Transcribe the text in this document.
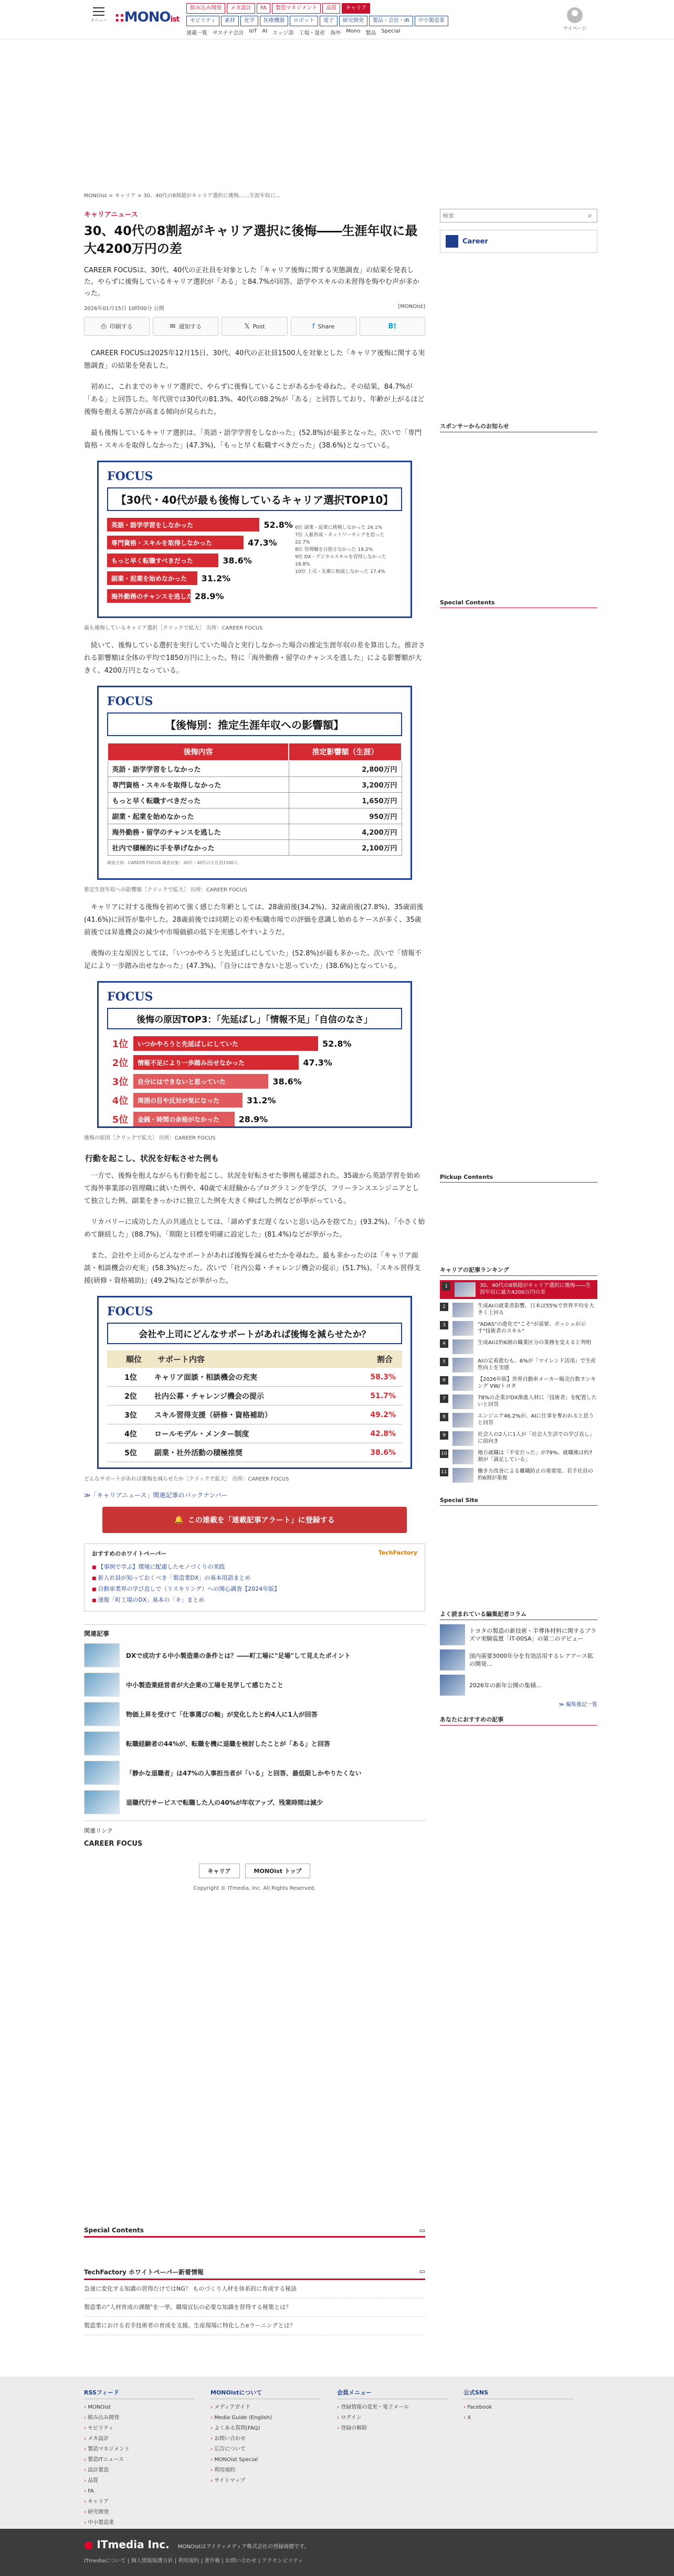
メニュー ::MONOist
組み込み開発	メカ設計	FA	製造マネジメント	品質	キャリア
モビリティ	素材	化学	医療機器	ロボット	電子	研究開発	製品・会社・IR	中小製造業
連載一覧 サステナ会計 IoT AI エッジ部 工場・量産 海外 Mono 製品 Special	マイページ
MONOist > キャリア > 30、40代の8割超がキャリア選択に後悔……生涯年収に...
キャリアニュース
30、40代の8割超がキャリア選択に後悔――生涯年収に最大4200万円の差

CAREER FOCUSは、30代、40代の正社員を対象とした「キャリア後悔に関する実態調査」の結果を発表した。やらずに後悔しているキャリア選択が「ある」と84.7%が回答。語学やスキルの未習得を悔やむ声が多かった。

2026年01月15日 10時00分 公開	[MONOist]
⎙ 印刷する	✉ 通知する	𝕏 Post	f Share	B!

CAREER FOCUSは2025年12月15日、30代、40代の正社員1500人を対象とした「キャリア後悔に関する実態調査」の結果を発表した。

初めに、これまでのキャリア選択で、やらずに後悔していることがあるかを尋ねた。その結果、84.7%が「ある」と回答した。年代別では30代の81.3%、40代の88.2%が「ある」と回答しており、年齢が上がるほど後悔を抱える割合が高まる傾向が見られた。

最も後悔しているキャリア選択は、「英語・語学学習をしなかった」(52.8%)が最多となった。次いで「専門資格・スキルを取得しなかった」(47.3%)、「もっと早く転職すべきだった」(38.6%)となっている。

FOCUS
【30代・40代が最も後悔しているキャリア選択TOP10】
英語・語学学習をしなかった	52.8%
専門資格・スキルを取得しなかった	47.3%
もっと早く転職すべきだった	38.6%
副業・起業を始めなかった	31.2%
海外勤務のチャンスを逃した 28.9%
6位 副業・起業に挑戦しなかった 24.1%
7位 人脈形成・ネットワーキングを怠った 22.7%
8位 管理職を目指さなかった 19.2%
9位 DX・デジタルスキルを習得しなかった 18.8%
10位 上司・先輩に相談しなかった 17.4%
最も後悔しているキャリア選択［クリックで拡大］ 出所：CAREER FOCUS

続いて、後悔している選択を実行していた場合と実行しなかった場合の推定生涯年収の差を算出した。推計される影響額は全体の平均で1850万円に上った。特に「海外勤務・留学のチャンスを逃した」による影響額が大きく、4200万円となっている。

FOCUS
【後悔別：推定生涯年収への影響額】
後悔内容	推定影響額（生涯）
英語・語学学習をしなかった	2,800万円
専門資格・スキルを取得しなかった	3,200万円
もっと早く転職すべきだった	1,650万円
副業・起業を始めなかった	950万円
海外勤務・留学のチャンスを逃した	4,200万円
社内で積極的に手を挙げなかった	2,100万円
調査主体：CAREER FOCUS 調査対象：30代・40代の正社員1500人
推定生涯年収への影響額［クリックで拡大］ 出所：CAREER FOCUS

キャリアに対する後悔を初めて強く感じた年齢としては、28歳前後(34.2%)、32歳前後(27.8%)、35歳前後(41.6%)に回答が集中した。28歳前後では同期との差や転職市場での評価を意識し始めるケースが多く、35歳前後では昇進機会の減少や市場価値の低下を実感しやすいようだ。

後悔の主な原因としては、「いつかやろうと先延ばしにしていた」(52.8%)が最も多かった。次いで「情報不足により一歩踏み出せなかった」(47.3%)、「自分にはできないと思っていた」(38.6%)となっている。

FOCUS
後悔の原因TOP3：「先延ばし」「情報不足」「自信のなさ」
1位	いつかやろうと先延ばしにしていた	52.8%
2位	情報不足により一歩踏み出せなかった	47.3%
3位	自分にはできないと思っていた	38.6%
4位	周囲の目や反対が気になった	31.2%
5位	金銭・時間の余裕がなかった	28.9%
後悔の原因［クリックで拡大］ 出所：CAREER FOCUS
行動を起こし、状況を好転させた例も

一方で、後悔を抱えながらも行動を起こし、状況を好転させた事例も確認された。35歳から英語学習を始めて海外事業部の管理職に就いた例や、40歳で未経験からプログラミングを学び、フリーランスエンジニアとして独立した例、副業をきっかけに独立した例を大きく伸ばした例などが挙がっている。

リカバリーに成功した人の共通点としては、「諦めずまだ遅くないと思い込みを捨てた」(93.2%)、「小さく始めて継続した」(88.7%)、「期限と目標を明確に設定した」(81.4%)などが挙がった。

また、会社や上司からどんなサポートがあれば後悔を減らせたかを尋ねた。最も多かったのは「キャリア面談・相談機会の充実」(58.3%)だった。次いで「社内公募・チャレンジ機会の提示」(51.7%)、「スキル習得支援(研修・資格補助)」(49.2%)などが挙がった。

FOCUS
会社や上司にどんなサポートがあれば後悔を減らせたか？
順位	サポート内容	割合
1位	キャリア面談・相談機会の充実	58.3%
2位	社内公募・チャレンジ機会の提示	51.7%
3位	スキル習得支援（研修・資格補助）	49.2%
4位	ロールモデル・メンター制度	42.8%
5位	副業・社外活動の積極推奨	38.6%
どんなサポートがあれば後悔を減らせたか［クリックで拡大］ 出所：CAREER FOCUS
≫「キャリアニュース」関連記事のバックナンバー
🔔 この連載を「連載記事アラート」に登録する
おすすめのホワイトペーパー	TechFactory
■ 【事例で学ぶ】環境に配慮したモノづくりの実践
■ 新入社員が知っておくべき「製造業DX」の基本用語まとめ
■ 自動車業界の学び直しで（リスキリング）への関心調査【2024年版】
■ 速報「町工場のDX」基本の「キ」まとめ
関連記事
DXで成功する中小製造業の条件とは？――町工場に"足場"して見えたポイント
中小製造業経営者が大企業の工場を見学して感じたこと
物価上昇を受けて「仕事選びの軸」が変化したと約4人に1人が回答
転職経験者の44%が、転職を機に退職を検討したことが「ある」と回答
「静かな退職者」は47%の人事担当者が「いる」と回答、最低限しかやりたくない
退職代行サービスで転職した人の40%が年収アップ、残業時間は減少
関連リンク
CAREER FOCUS
キャリア	MONOist トップ
Copyright © ITmedia, Inc. All Rights Reserved.
Special Contents	▭
TechFactory ホワイトペーパー新着情報	▭
急速に変化する知識の習得だけではNG？ ものづくり人材を体系的に育成する秘訣
製造業の"人材育成の課題"を一挙。職場宣伝の必要な知識を習得する秘策とは？
製造業における若手技術者の育成を支援。生産現場に特化したeラーニングとは？
検索
⌕
Career
スポンサーからのお知らせ
Special Contents
Pickup Contents
キャリアの記事ランキング
1	30、40代の8割超がキャリア選択に後悔――生涯年収に最大4200万円の差
2	生成AIの就業者影響、日本は55%で世界平均を大きく上回る
3	"ADAS"の進化で"こそ"が需要、ボッシュが示す"技術者のスキル"
4	生成AIは約6割の職業区分の業務を変えると判明
5	AIの定着進むも、6%が「マイレンド活用」で生産性向上を実感
6	【2026年版】世界自動車メーカー販売台数ランキング VW/トヨタ
7	78%の企業がDX推進人材に「技術者」を配置したいと回答
8	エンジニア46.2%が、AIに仕事を奪われると思うと回答
9	社会人の2人に1人が「社会人生活での学び直し」に前向き
10	地方就職は「不安だった」が79%、就職後は約7割が「満足している」
11	働き方改善による離職防止の重要度、若手社員の約6割が重視
Special Site
よく読まれている編集記者コラム
トヨタの製造の新技術・半導体材料に関するプラズマ実験装置「IT-00SA」の第二のデビュー
国内需要3000年分を有効活用するレアアース鉱の開発…
2026年の新年公開の集積…
≫ 編集後記一覧
あなたにおすすめの記事
RSSフィード
› MONOist
› 組み込み開発
› モビリティ
› メカ設計
› 製造マネジメント
› 製造ITニュース
› 設計製造
› 品質
› FA
› キャリア
› 研究開発
› 中小製造業
MONOistについて
› メディアガイド
› Media Guide (English)
› よくある質問(FAQ)
› お問い合わせ
› 広告について
› MONOist Special
› 利用規約
› サイトマップ
会員メニュー
› 登録情報の変更・電子メール
› ログイン
› 登録の解除
公式SNS
› Facebook
› X
● ITmedia Inc. MONOistはアイティメディア株式会社の登録商標です。
ITmediaについて | 個人情報保護方針 | 利用規約 | 著作権 | お問い合わせ | アクセシビリティ
